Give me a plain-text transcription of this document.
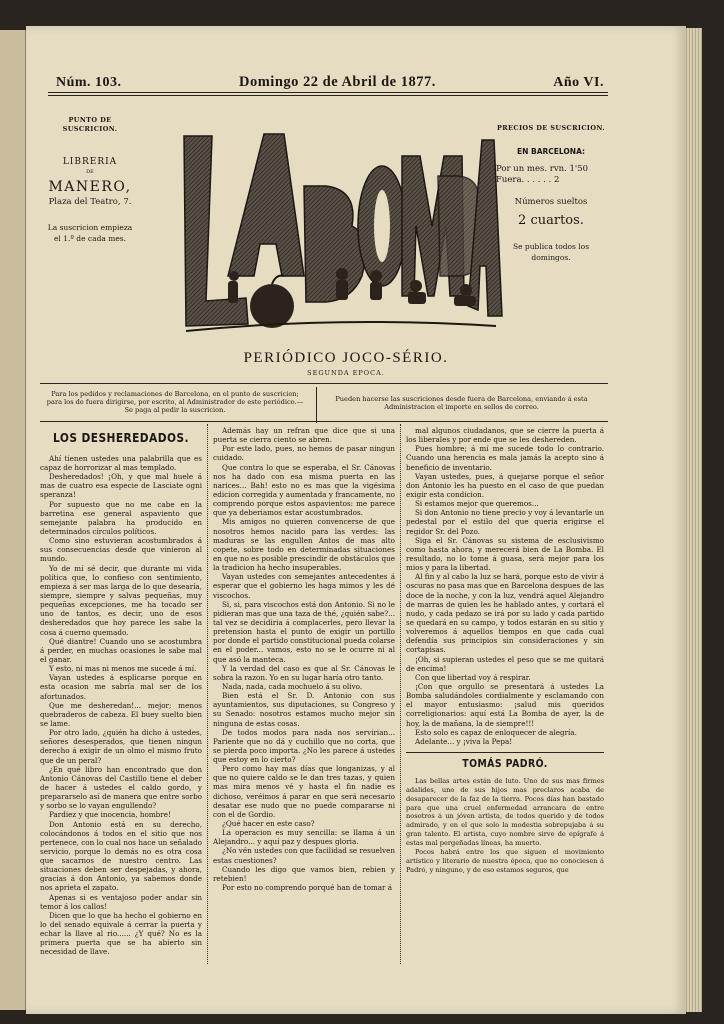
Núm. 103.	Domingo 22 de Abril de 1877.	Año VI.
PUNTO DE SUSCRICION.
LIBRERIA
DE
MANERO,
Plaza del Teatro, 7.
La suscricion empieza el 1.º de cada mes.
PRECIOS DE SUSCRICION.
EN BARCELONA:
Por un mes. rvn. 1'50
Fuera. . . . . . 2
Números sueltos
2 cuartos.
Se publica todos los domingos.
PERIÓDICO JOCO-SÉRIO.
SEGUNDA EPOCA.
Para los pedidos y reclamaciones de Barcelona, en el punto de suscricion; para los de fuera dirigirse, por escrito, al Administrador de este periódico.—Se paga al pedir la suscricion.
Pueden hacerse las suscriciones desde fuera de Barcelona, enviando á esta Administracion el importe en sellos de correo.
LOS DESHEREDADOS.

Ahí tienen ustedes una palabrilla que es capaz de horrorizar al mas templado.

Desheredados! ¡Oh, y que mal huele á mas de cuatro esa especie de Lasciate ogni speranza!

Por supuesto que no me cabe en la barretina ese general aspaviento que semejante palabra ha producido en determinados círculos políticos.

Como sino estuvieran acostumbrados á sus consecuencias desde que vinieron al mundo.

Yo de mí sé decir, que durante mi vida política que, lo confieso con sentimiento, empieza á ser mas larga de lo que desearía, siempre, siempre y salvas pequeñas, muy pequeñas excepciones, me ha tocado ser uno de tantos, es decir, uno de esos desheredados que hoy parece les sabe la cosa á cuerno quemado.

Qué diantre! Cuando uno se acostumbra á perder, en muchas ocasiones le sabe mal el ganar.

Y esto, ni mas ni menos me sucede á mí.

Vayan ustedes á esplicarse porque en esta ocasion me sabría mal ser de los afortunados.

Que me desheredan!... mejor; menos quebraderos de cabeza. El buey suelto bien se lame.

Por otro lado, ¿quién ha dicho á ustedes, señores desesperados, que tienen ningun derecho á exigir de un olmo el mismo fruto que de un peral?

¿En qué libro han encontrado que don Antonio Cánovas del Castillo tiene el deber de hacer á ustedes el caldo gordo, y prepararselo así de manera que entre sorbo y sorbo se lo vayan engullendo?

Pardiez y que inocencia, hombre!

Don Antonio está en su derecho, colocándonos á todos en el sitio que nos pertenece, con lo cual nos hace un señalado servicio, porque lo demás no es otra cosa que sacarnos de nuestro centro. Las situaciones deben ser despejadas, y ahora, gracias á don Antonio, ya sabemos donde nos aprieta el zapato.

Apenas si es ventajoso poder andar sin temor á los callos!

Dicen que lo que ha hecho el gobierno en lo del senado equivale á cerrar la puerta y echar la llave al rio...... ¿Y qué? No es la primera puerta que se ha abierto sin necesidad de llave.

Además hay un refran que dice que si una puerta se cierra ciento se abren.

Por este lado, pues, no hemos de pasar ningun cuidado.

Que contra lo que se esperaba, el Sr. Cánovas nos ha dado con esa misma puerta en las narices... Bah! esto no es mas que la vigésima edicion corregida y aumentada y francamente, no comprendo porque estos aspavientos: me parece que ya deberiamos estar acostumbrados.

Mis amigos no quieren convencerse de que nosotros hemos nacido para las verdes: las maduras se las engullen Antos de mas alto copete, sobre todo en determinadas situaciones en que no es posible prescindir de obstáculos que la tradicion ha hecho insuperables.

Vayan ustedes con semejantes antecedentes á esperar que el gobierno les haga mimos y les dé viscochos.

Si, si, para viscochos está don Antonio. Si no le pidieran mas que una taza de thé, ¿quién sabe?... tal vez se decidiria á complacerles, pero llevar la pretension hasta el punto de exigir un portillo por donde el partido constitucional pueda colarse en el poder... vamos, esto no se le ocurre ni al que asó la manteca.

Y la verdad del caso es que al Sr. Cánovas le sobra la razon. Yo en su lugar haría otro tanto.

Nada, nada, cada mochuelo á su olivo.

Bien está el Sr. D. Antonio con sus ayuntamientos, sus diputaciones, su Congreso y su Senado: nosotros estamos mucho mejor sin ninguna de estas cosas.

De todos modos para nada nos servirian... Pariente que no dá y cuchillo que no corta, que se pierda poco importa. ¿No les parece á ustedes que estoy en lo cierto?

Pero como hay mas días que longanizas, y al que no quiere caldo se le dan tres tazas, y quien mas mira menos vé y hasta el fin nadie es dichoso, veréimos á parar en que será necesario desatar ese nudo que no puede compararse ni con el de Gordio.

¿Qué hacer en este caso?

La operacion es muy sencilla: se llama á un Alejandro... y aquí paz y despues gloria.

¿No vén ustedes con que facilidad se resuelven estas cuestiones?

Cuando les digo que vamos bien, rebien y retebien!

Por esto no comprendo porqué han de tomar á

mal algunos ciudadanos, que se cierre la puerta á los liberales y por ende que se les deshereden.

Pues hombre; á mí me sucede todo lo contrario. Cuando una herencia es mala jamás la acepto sino á beneficio de inventario.

Vayan ustedes, pues, á quejarse porque el señor don Antonio les ha puesto en el caso de que puedan exigir esta condicion.

Si estamos mejor que queremos...

Si don Antonio no tiene precio y voy á levantarle un pedestal por el estilo del que queria erigirse el regidor Sr. del Pozo.

Siga el Sr. Cánovas su sistema de esclusivismo como hasta ahora, y merecerá bien de La Bomba. El resultado, no lo tome á guasa, será mejor para los mios y para la libertad.

Al fin y al cabo la luz se hará, porque esto de vivir á oscuras no pasa mas que en Barcelona despues de las doce de la noche, y con la luz, vendrá aquel Alejandro de marras de quien les he hablado antes, y cortará el nudo, y cada pedazo se irá por su lado y cada partido se quedará en su campo, y todos estarán en su sitio y volveremos á aquellos tiempos en que cada cual defendía sus principios sin consideraciones y sin cortapisas.

¡Oh, si supieran ustedes el peso que se me quitará de encima!

Con que libertad voy á respirar.

¡Con que orgullo se presentará á ustedes La Bomba saludándoles cordialmente y esclamando con el mayor entusiasmo: ¡salud mis queridos correligionarios: aquí está La Bomba de ayer, la de hoy, la de mañana, la de siempre!!!

Esto solo es capaz de enloquecer de alegría.

Adelante... y ¡viva la Pepa!

TOMÁS PADRÓ.

Las bellas artes están de luto. Uno de sus mas firmes adalides, uno de sus hijos mas preclaros acaba de desaparecer de la faz de la tierra. Pocos días han bastado para que una cruel enfermedad arrancara de entre nosotros á un jóven artista, de todos querido y de todos admirado, y en el que solo la modestia sobrepujaba á su gran talento. El artista, cuyo nombre sirve de epígrafe á estas mal pergeñadas líneas, ha muerto.

Pocos habrá entre los que siguen el movimiento artístico y literario de nuestra época, que no conociesen á Padró, y ninguno, y de eso estamos seguros, que
